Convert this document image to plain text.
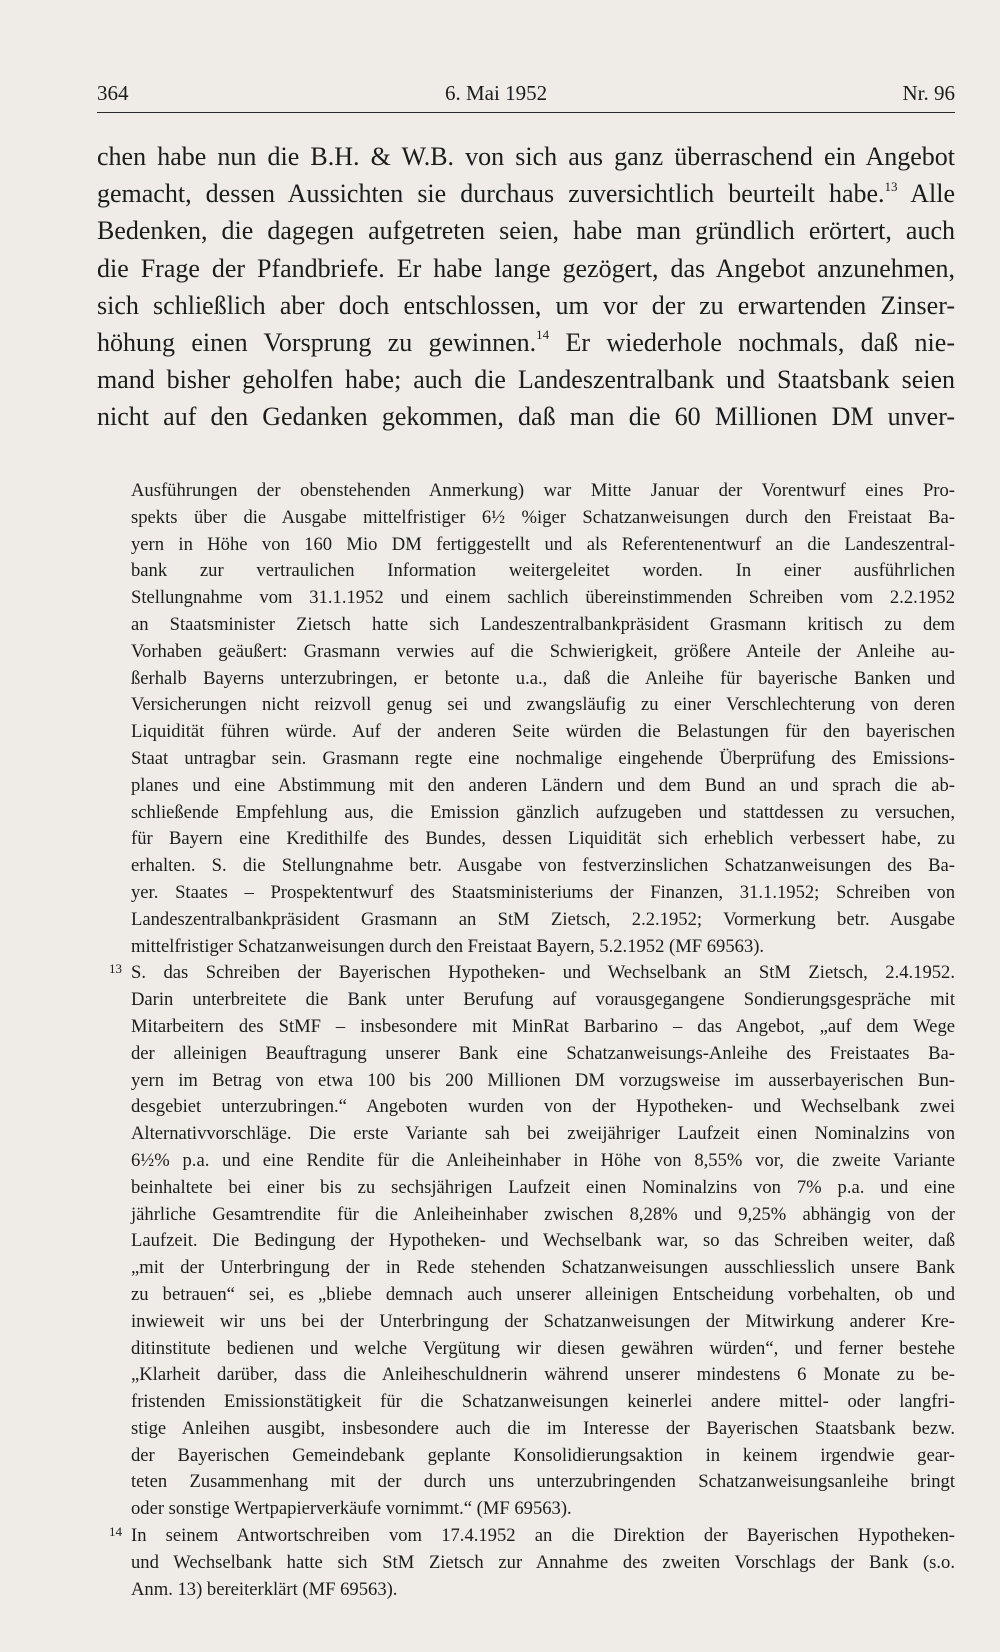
364	6. Mai 1952	Nr. 96
chen habe nun die B.H. & W.B. von sich aus ganz überraschend ein Angebot
gemacht, dessen Aussichten sie durchaus zuversichtlich beurteilt habe.$^{13}$ Alle
Bedenken, die dagegen aufgetreten seien, habe man gründlich erörtert, auch
die Frage der Pfandbriefe. Er habe lange gezögert, das Angebot anzunehmen,
sich schließlich aber doch entschlossen, um vor der zu erwartenden Zinser-
höhung einen Vorsprung zu gewinnen.$^{14}$ Er wiederhole nochmals, daß nie-
mand bisher geholfen habe; auch die Landeszentralbank und Staatsbank seien
nicht auf den Gedanken gekommen, daß man die 60 Millionen DM unver-
Ausführungen der obenstehenden Anmerkung) war Mitte Januar der Vorentwurf eines Pro-
spekts über die Ausgabe mittelfristiger 6½ %iger Schatzanweisungen durch den Freistaat Ba-
yern in Höhe von 160 Mio DM fertiggestellt und als Referentenentwurf an die Landeszentral-
bank zur vertraulichen Information weitergeleitet worden. In einer ausführlichen
Stellungnahme vom 31.1.1952 und einem sachlich übereinstimmenden Schreiben vom 2.2.1952
an Staatsminister Zietsch hatte sich Landeszentralbankpräsident Grasmann kritisch zu dem
Vorhaben geäußert: Grasmann verwies auf die Schwierigkeit, größere Anteile der Anleihe au-
ßerhalb Bayerns unterzubringen, er betonte u.a., daß die Anleihe für bayerische Banken und
Versicherungen nicht reizvoll genug sei und zwangsläufig zu einer Verschlechterung von deren
Liquidität führen würde. Auf der anderen Seite würden die Belastungen für den bayerischen
Staat untragbar sein. Grasmann regte eine nochmalige eingehende Überprüfung des Emissions-
planes und eine Abstimmung mit den anderen Ländern und dem Bund an und sprach die ab-
schließende Empfehlung aus, die Emission gänzlich aufzugeben und stattdessen zu versuchen,
für Bayern eine Kredithilfe des Bundes, dessen Liquidität sich erheblich verbessert habe, zu
erhalten. S. die Stellungnahme betr. Ausgabe von festverzinslichen Schatzanweisungen des Ba-
yer. Staates – Prospektentwurf des Staatsministeriums der Finanzen, 31.1.1952; Schreiben von
Landeszentralbankpräsident Grasmann an StM Zietsch, 2.2.1952; Vormerkung betr. Ausgabe
mittelfristiger Schatzanweisungen durch den Freistaat Bayern, 5.2.1952 (MF 69563).
13 S. das Schreiben der Bayerischen Hypotheken- und Wechselbank an StM Zietsch, 2.4.1952.
Darin unterbreitete die Bank unter Berufung auf vorausgegangene Sondierungsgespräche mit
Mitarbeitern des StMF – insbesondere mit MinRat Barbarino – das Angebot, „auf dem Wege
der alleinigen Beauftragung unserer Bank eine Schatzanweisungs-Anleihe des Freistaates Ba-
yern im Betrag von etwa 100 bis 200 Millionen DM vorzugsweise im ausserbayerischen Bun-
desgebiet unterzubringen.“ Angeboten wurden von der Hypotheken- und Wechselbank zwei
Alternativvorschläge. Die erste Variante sah bei zweijähriger Laufzeit einen Nominalzins von
6½% p.a. und eine Rendite für die Anleiheinhaber in Höhe von 8,55% vor, die zweite Variante
beinhaltete bei einer bis zu sechsjährigen Laufzeit einen Nominalzins von 7% p.a. und eine
jährliche Gesamtrendite für die Anleiheinhaber zwischen 8,28% und 9,25% abhängig von der
Laufzeit. Die Bedingung der Hypotheken- und Wechselbank war, so das Schreiben weiter, daß
„mit der Unterbringung der in Rede stehenden Schatzanweisungen ausschliesslich unsere Bank
zu betrauen“ sei, es „bliebe demnach auch unserer alleinigen Entscheidung vorbehalten, ob und
inwieweit wir uns bei der Unterbringung der Schatzanweisungen der Mitwirkung anderer Kre-
ditinstitute bedienen und welche Vergütung wir diesen gewähren würden“, und ferner bestehe
„Klarheit darüber, dass die Anleiheschuldnerin während unserer mindestens 6 Monate zu be-
fristenden Emissionstätigkeit für die Schatzanweisungen keinerlei andere mittel- oder langfri-
stige Anleihen ausgibt, insbesondere auch die im Interesse der Bayerischen Staatsbank bezw.
der Bayerischen Gemeindebank geplante Konsolidierungsaktion in keinem irgendwie gear-
teten Zusammenhang mit der durch uns unterzubringenden Schatzanweisungsanleihe bringt
oder sonstige Wertpapierverkäufe vornimmt.“ (MF 69563).
14 In seinem Antwortschreiben vom 17.4.1952 an die Direktion der Bayerischen Hypotheken-
und Wechselbank hatte sich StM Zietsch zur Annahme des zweiten Vorschlags der Bank (s.o.
Anm. 13) bereiterklärt (MF 69563).
